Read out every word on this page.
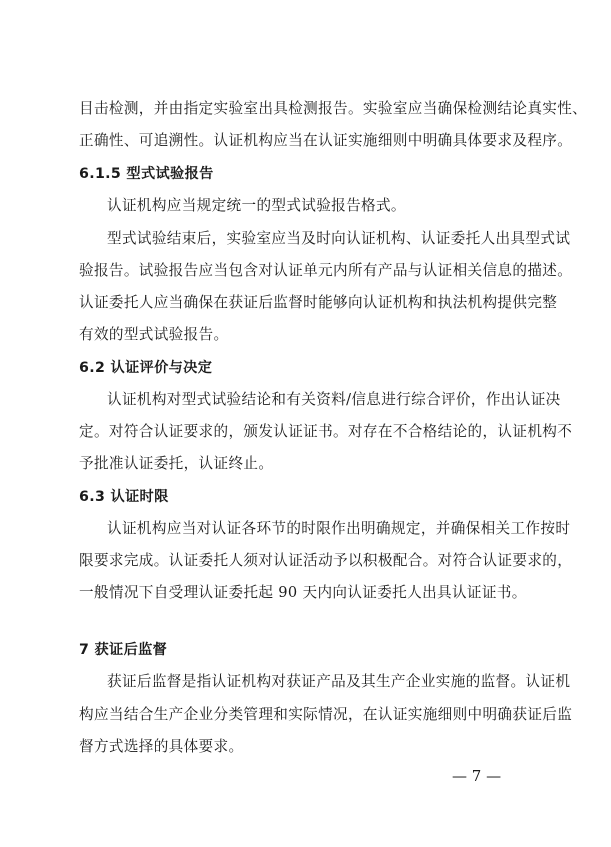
目击检测，并由指定实验室出具检测报告。实验室应当确保检测结论真实性、
正确性、可追溯性。认证机构应当在认证实施细则中明确具体要求及程序。
6.1.5 型式试验报告
认证机构应当规定统一的型式试验报告格式。
型式试验结束后，实验室应当及时向认证机构、认证委托人出具型式试
验报告。试验报告应当包含对认证单元内所有产品与认证相关信息的描述。
认证委托人应当确保在获证后监督时能够向认证机构和执法机构提供完整
有效的型式试验报告。
6.2 认证评价与决定
认证机构对型式试验结论和有关资料/信息进行综合评价，作出认证决
定。对符合认证要求的，颁发认证证书。对存在不合格结论的，认证机构不
予批准认证委托，认证终止。
6.3 认证时限
认证机构应当对认证各环节的时限作出明确规定，并确保相关工作按时
限要求完成。认证委托人须对认证活动予以积极配合。对符合认证要求的，
一般情况下自受理认证委托起 90 天内向认证委托人出具认证证书。
7 获证后监督
获证后监督是指认证机构对获证产品及其生产企业实施的监督。认证机
构应当结合生产企业分类管理和实际情况，在认证实施细则中明确获证后监
督方式选择的具体要求。
— 7 —
